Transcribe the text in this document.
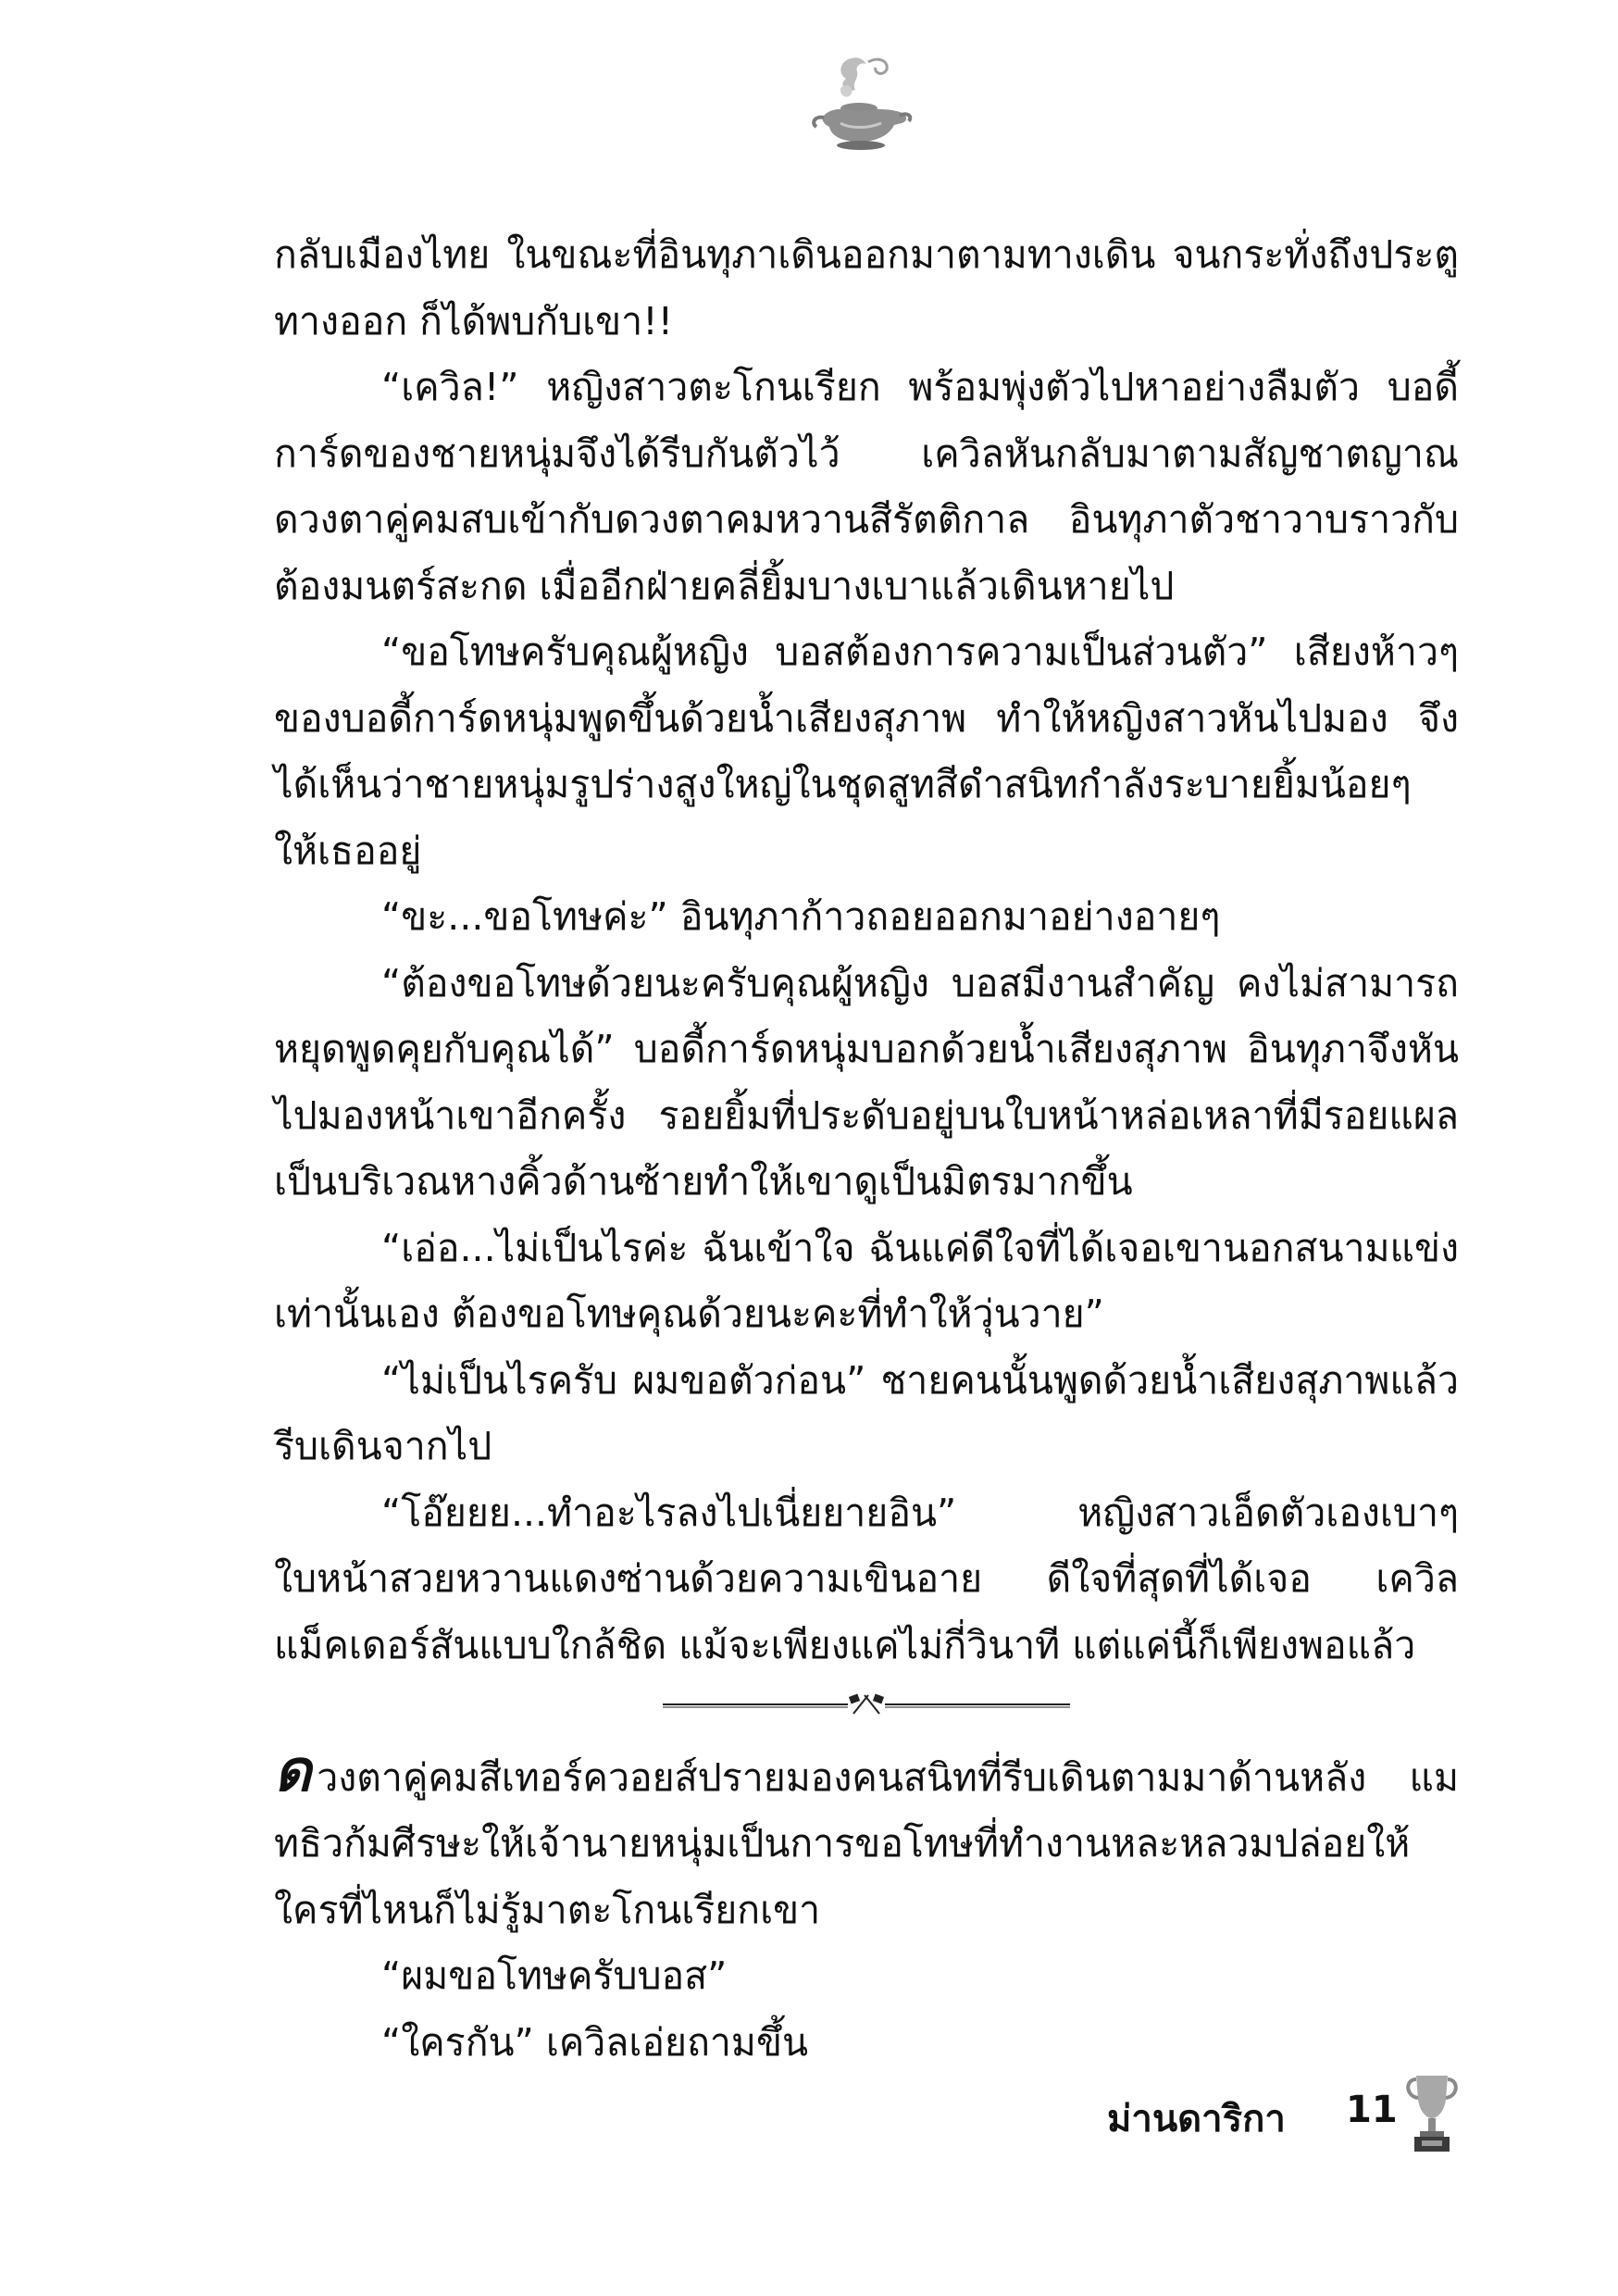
กลับเมืองไทย ในขณะที่อินทุภาเดินออกมาตามทางเดิน จนกระทั่งถึงประตูทางออก ก็ได้พบกับเขา!!

“เควิล!” หญิงสาวตะโกนเรียก พร้อมพุ่งตัวไปหาอย่างลืมตัว บอดี้การ์ดของชายหนุ่มจึงได้รีบกันตัวไว้ เควิลหันกลับมาตามสัญชาตญาณ ดวงตาคู่คมสบเข้ากับดวงตาคมหวานสีรัตติกาล อินทุภาตัวชาวาบราวกับต้องมนตร์สะกด เมื่ออีกฝ่ายคลี่ยิ้มบางเบาแล้วเดินหายไป

“ขอโทษครับคุณผู้หญิง บอสต้องการความเป็นส่วนตัว” เสียงห้าวๆ ของบอดี้การ์ดหนุ่มพูดขึ้นด้วยน้ำเสียงสุภาพ ทำให้หญิงสาวหันไปมอง จึงได้เห็นว่าชายหนุ่มรูปร่างสูงใหญ่ในชุดสูทสีดำสนิทกำลังระบายยิ้มน้อยๆ ให้เธออยู่

“ขะ...ขอโทษค่ะ” อินทุภาก้าวถอยออกมาอย่างอายๆ

“ต้องขอโทษด้วยนะครับคุณผู้หญิง บอสมีงานสำคัญ คงไม่สามารถหยุดพูดคุยกับคุณได้” บอดี้การ์ดหนุ่มบอกด้วยน้ำเสียงสุภาพ อินทุภาจึงหันไปมองหน้าเขาอีกครั้ง รอยยิ้มที่ประดับอยู่บนใบหน้าหล่อเหลาที่มีรอยแผลเป็นบริเวณหางคิ้วด้านซ้ายทำให้เขาดูเป็นมิตรมากขึ้น

“เอ่อ...ไม่เป็นไรค่ะ ฉันเข้าใจ ฉันแค่ดีใจที่ได้เจอเขานอกสนามแข่งเท่านั้นเอง ต้องขอโทษคุณด้วยนะคะที่ทำให้วุ่นวาย”

“ไม่เป็นไรครับ ผมขอตัวก่อน” ชายคนนั้นพูดด้วยน้ำเสียงสุภาพแล้วรีบเดินจากไป

“โอ๊ยยย...ทำอะไรลงไปเนี่ยยายอิน” หญิงสาวเอ็ดตัวเองเบาๆ ใบหน้าสวยหวานแดงซ่านด้วยความเขินอาย ดีใจที่สุดที่ได้เจอ เควิล แม็คเดอร์สันแบบใกล้ชิด แม้จะเพียงแค่ไม่กี่วินาที แต่แค่นี้ก็เพียงพอแล้ว

ดวงตาคู่คมสีเทอร์ควอยส์ปรายมองคนสนิทที่รีบเดินตามมาด้านหลัง แมทธิวก้มศีรษะให้เจ้านายหนุ่มเป็นการขอโทษที่ทำงานหละหลวมปล่อยให้ใครที่ไหนก็ไม่รู้มาตะโกนเรียกเขา

“ผมขอโทษครับบอส”

“ใครกัน” เควิลเอ่ยถามขึ้น

ม่านดาริกา 11
